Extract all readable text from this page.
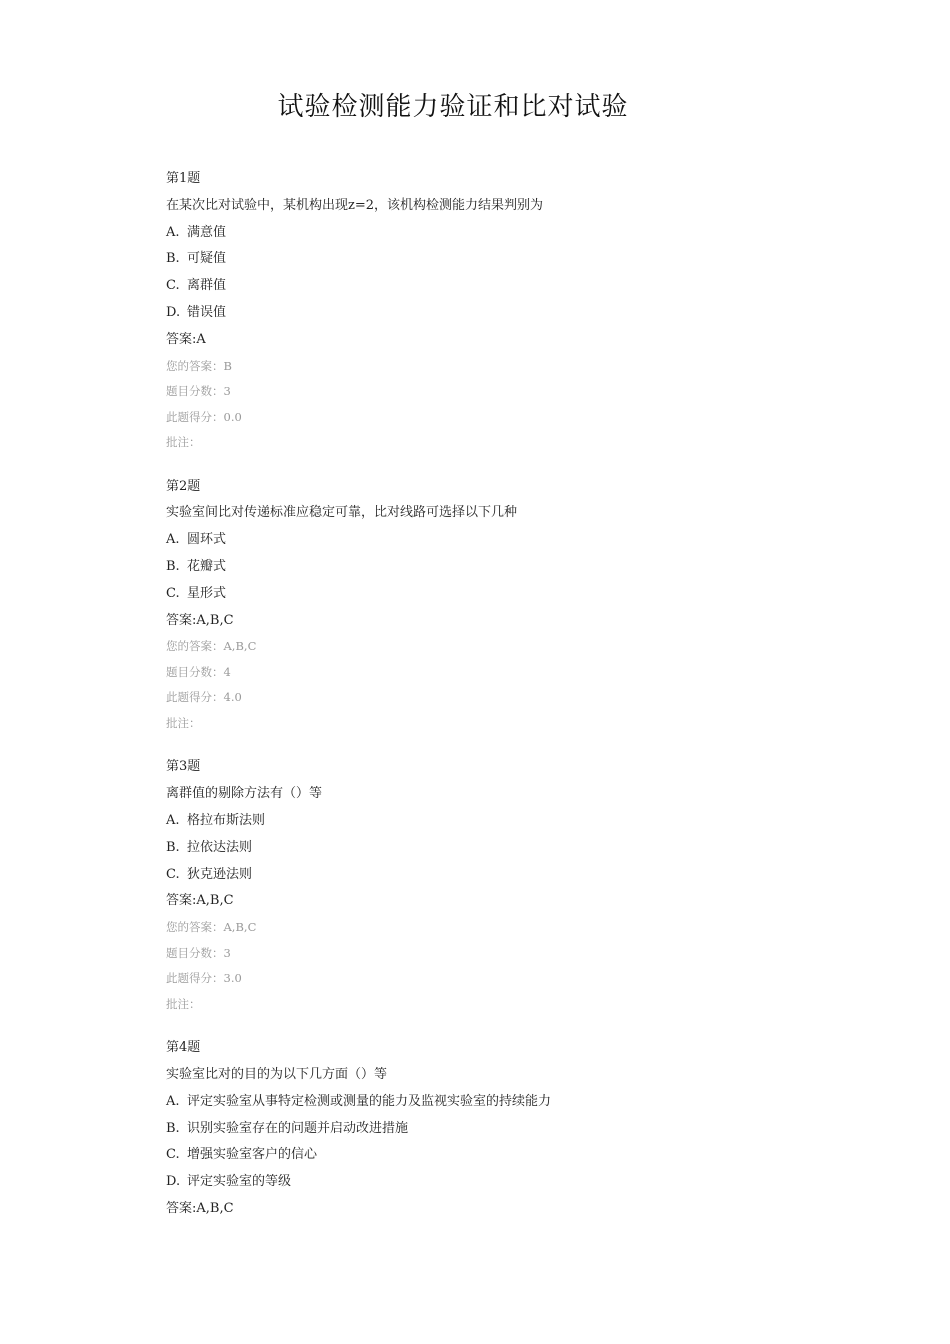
试验检测能力验证和比对试验
第1题
在某次比对试验中，某机构出现z=2，该机构检测能力结果判别为
A. 满意值
B. 可疑值
C. 离群值
D. 错误值
答案:A
您的答案：B
题目分数：3
此题得分：0.0
批注：
第2题
实验室间比对传递标准应稳定可靠，比对线路可选择以下几种
A. 圆环式
B. 花瓣式
C. 星形式
答案:A,B,C
您的答案：A,B,C
题目分数：4
此题得分：4.0
批注：
第3题
离群值的剔除方法有（）等
A. 格拉布斯法则
B. 拉依达法则
C. 狄克逊法则
答案:A,B,C
您的答案：A,B,C
题目分数：3
此题得分：3.0
批注：
第4题
实验室比对的目的为以下几方面（）等
A. 评定实验室从事特定检测或测量的能力及监视实验室的持续能力
B. 识别实验室存在的问题并启动改进措施
C. 增强实验室客户的信心
D. 评定实验室的等级
答案:A,B,C
